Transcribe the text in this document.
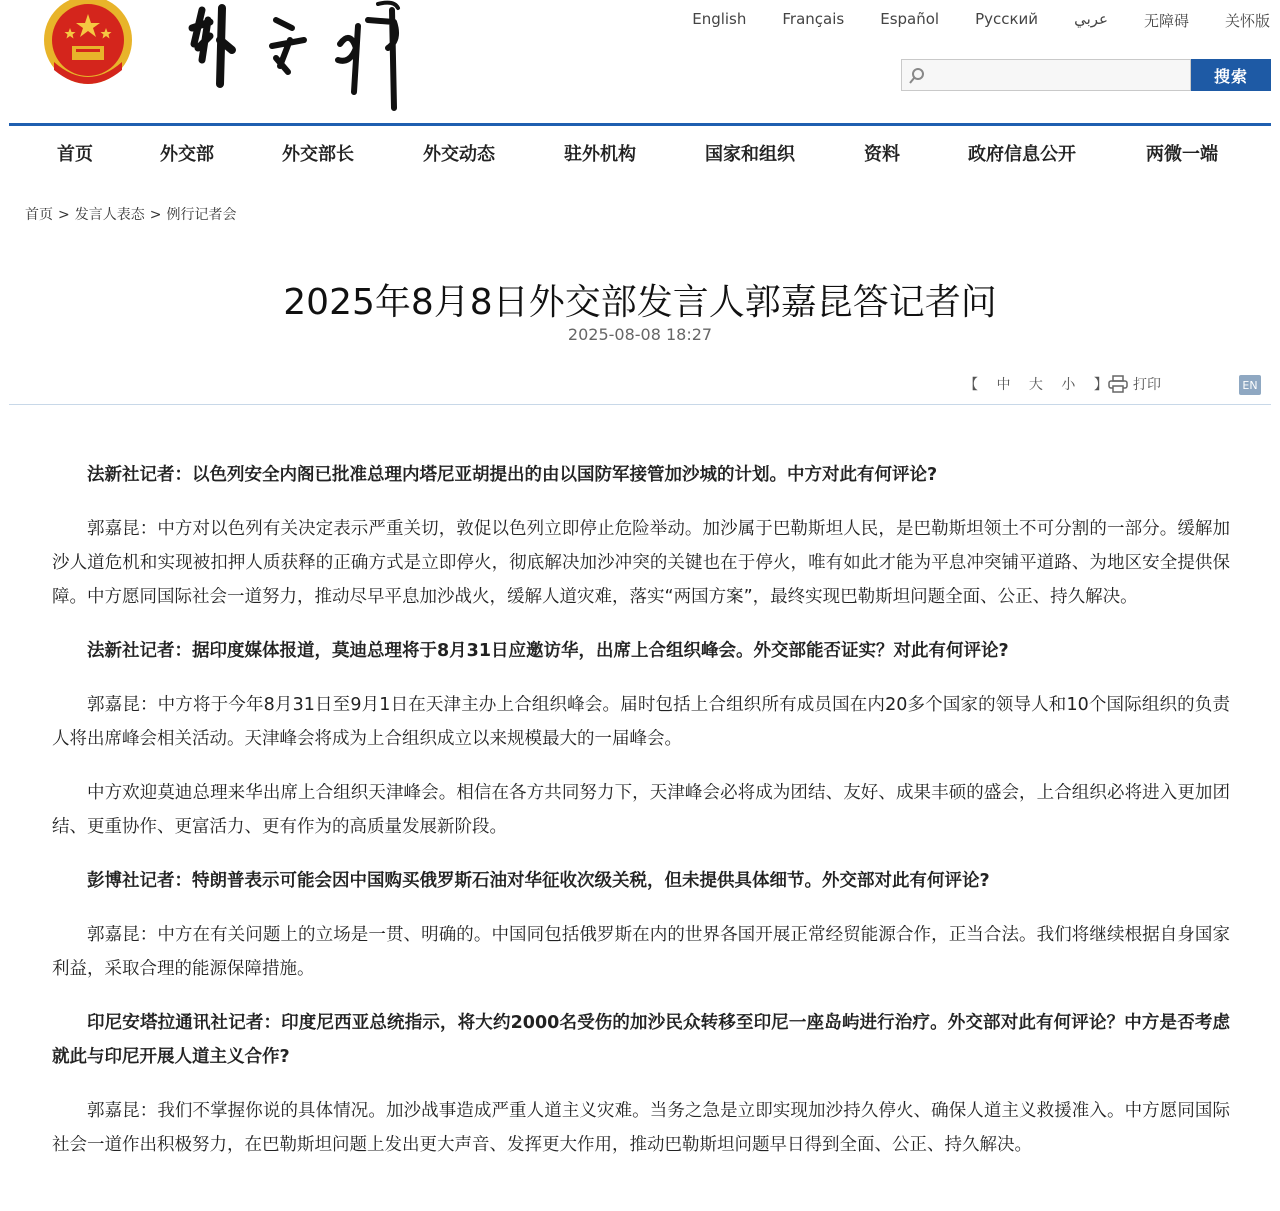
English Français Español Русский عربي 无障碍 关怀版
搜索
首页	外交部	外交部长	外交动态	驻外机构	国家和组织	资料	政府信息公开	两微一端
首页 > 发言人表态 > 例行记者会
2025年8月8日外交部发言人郭嘉昆答记者问
2025-08-08 18:27
【 中 大 小 】	打印	EN

法新社记者：以色列安全内阁已批准总理内塔尼亚胡提出的由以国防军接管加沙城的计划。中方对此有何评论?

郭嘉昆：中方对以色列有关决定表示严重关切，敦促以色列立即停止危险举动。加沙属于巴勒斯坦人民，是巴勒斯坦领土不可分割的一部分。缓解加沙人道危机和实现被扣押人质获释的正确方式是立即停火，彻底解决加沙冲突的关键也在于停火，唯有如此才能为平息冲突铺平道路、为地区安全提供保障。中方愿同国际社会一道努力，推动尽早平息加沙战火，缓解人道灾难，落实“两国方案”，最终实现巴勒斯坦问题全面、公正、持久解决。

法新社记者：据印度媒体报道，莫迪总理将于8月31日应邀访华，出席上合组织峰会。外交部能否证实？对此有何评论?

郭嘉昆：中方将于今年8月31日至9月1日在天津主办上合组织峰会。届时包括上合组织所有成员国在内20多个国家的领导人和10个国际组织的负责人将出席峰会相关活动。天津峰会将成为上合组织成立以来规模最大的一届峰会。

中方欢迎莫迪总理来华出席上合组织天津峰会。相信在各方共同努力下，天津峰会必将成为团结、友好、成果丰硕的盛会，上合组织必将进入更加团结、更重协作、更富活力、更有作为的高质量发展新阶段。

彭博社记者：特朗普表示可能会因中国购买俄罗斯石油对华征收次级关税，但未提供具体细节。外交部对此有何评论?

郭嘉昆：中方在有关问题上的立场是一贯、明确的。中国同包括俄罗斯在内的世界各国开展正常经贸能源合作，正当合法。我们将继续根据自身国家利益，采取合理的能源保障措施。

印尼安塔拉通讯社记者：印度尼西亚总统指示，将大约2000名受伤的加沙民众转移至印尼一座岛屿进行治疗。外交部对此有何评论？中方是否考虑就此与印尼开展人道主义合作?

郭嘉昆：我们不掌握你说的具体情况。加沙战事造成严重人道主义灾难。当务之急是立即实现加沙持久停火、确保人道主义救援准入。中方愿同国际社会一道作出积极努力，在巴勒斯坦问题上发出更大声音、发挥更大作用，推动巴勒斯坦问题早日得到全面、公正、持久解决。
